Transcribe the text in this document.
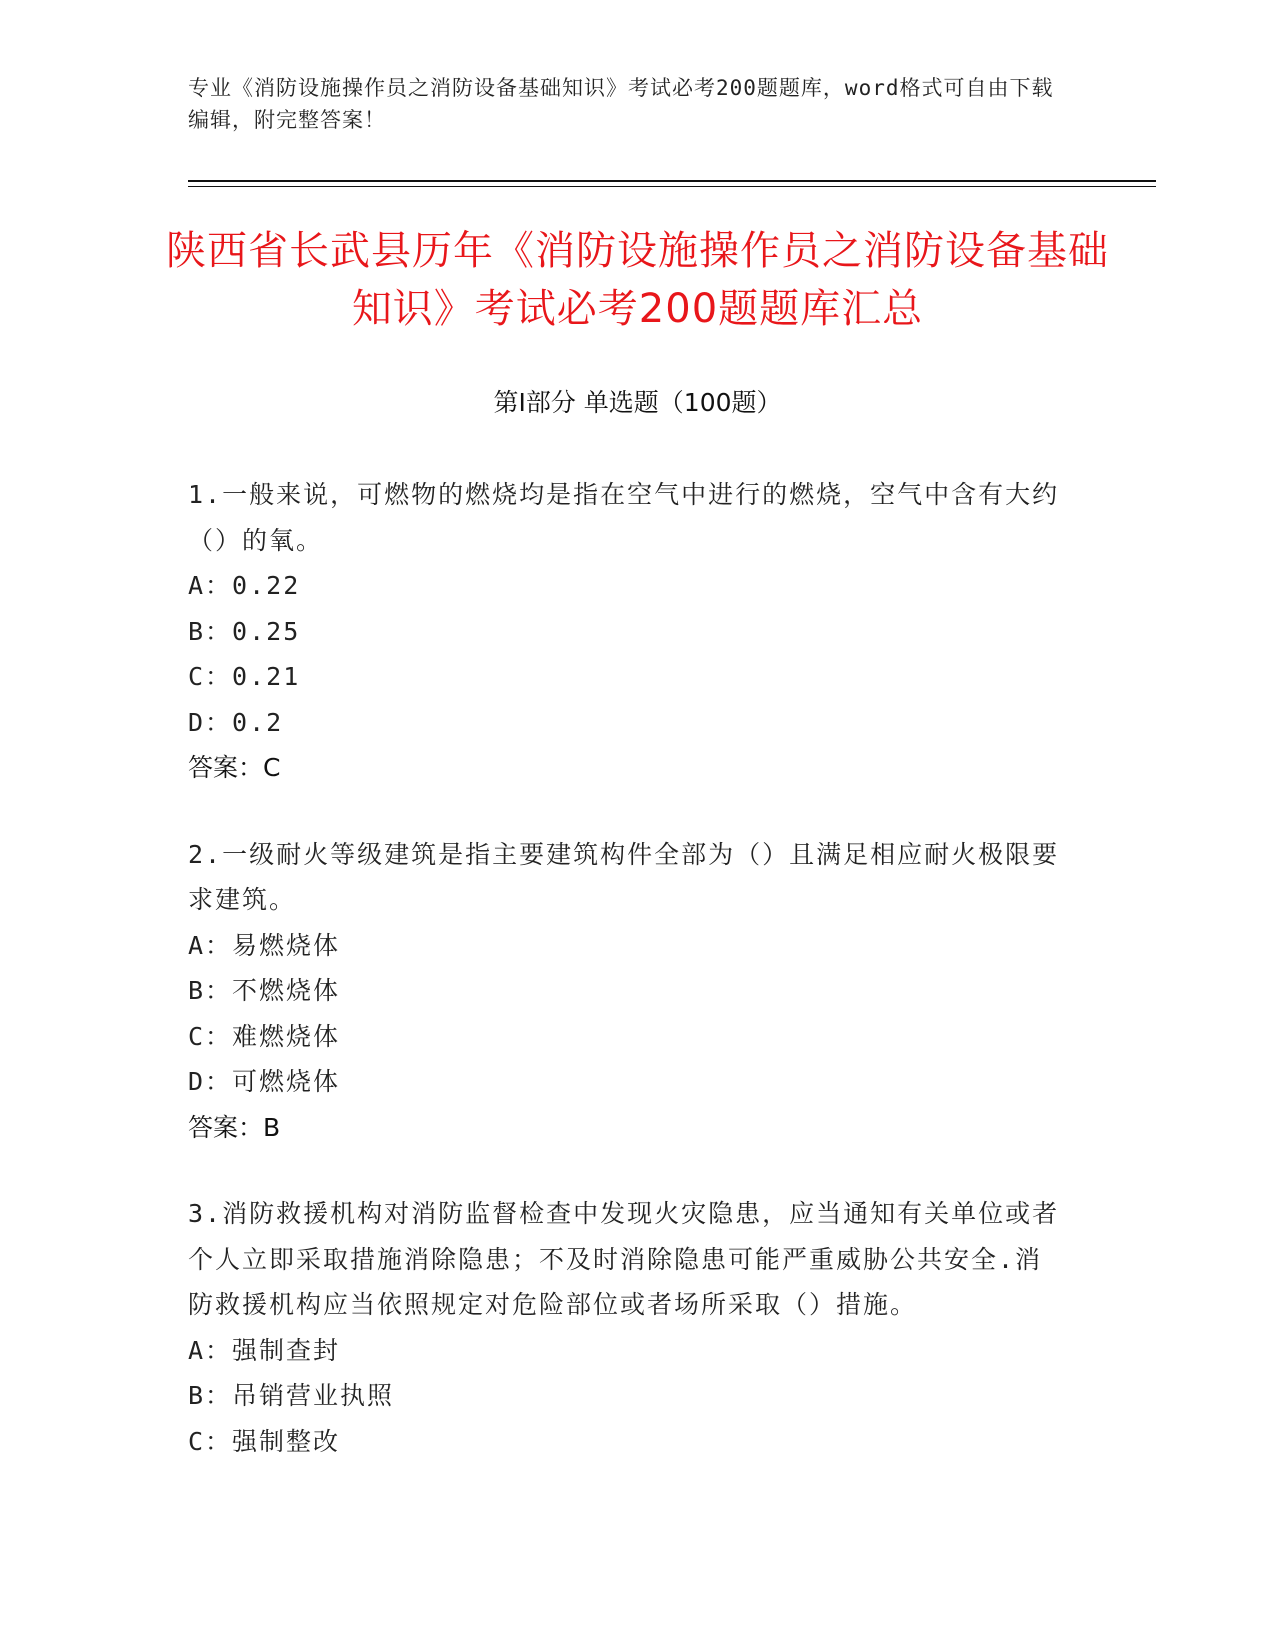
专业《消防设施操作员之消防设备基础知识》考试必考200题题库，word格式可自由下载编辑，附完整答案！
陕西省长武县历年《消防设施操作员之消防设备基础知识》考试必考200题题库汇总
第I部分 单选题（100题）

1.一般来说，可燃物的燃烧均是指在空气中进行的燃烧，空气中含有大约（）的氧。

A：0.22

B：0.25

C：0.21

D：0.2

答案：C

2.一级耐火等级建筑是指主要建筑构件全部为（）且满足相应耐火极限要求建筑。

A：易燃烧体

B：不燃烧体

C：难燃烧体

D：可燃烧体

答案：B

3.消防救援机构对消防监督检查中发现火灾隐患，应当通知有关单位或者个人立即采取措施消除隐患；不及时消除隐患可能严重威胁公共安全.消防救援机构应当依照规定对危险部位或者场所采取（）措施。

A：强制查封

B：吊销营业执照

C：强制整改
